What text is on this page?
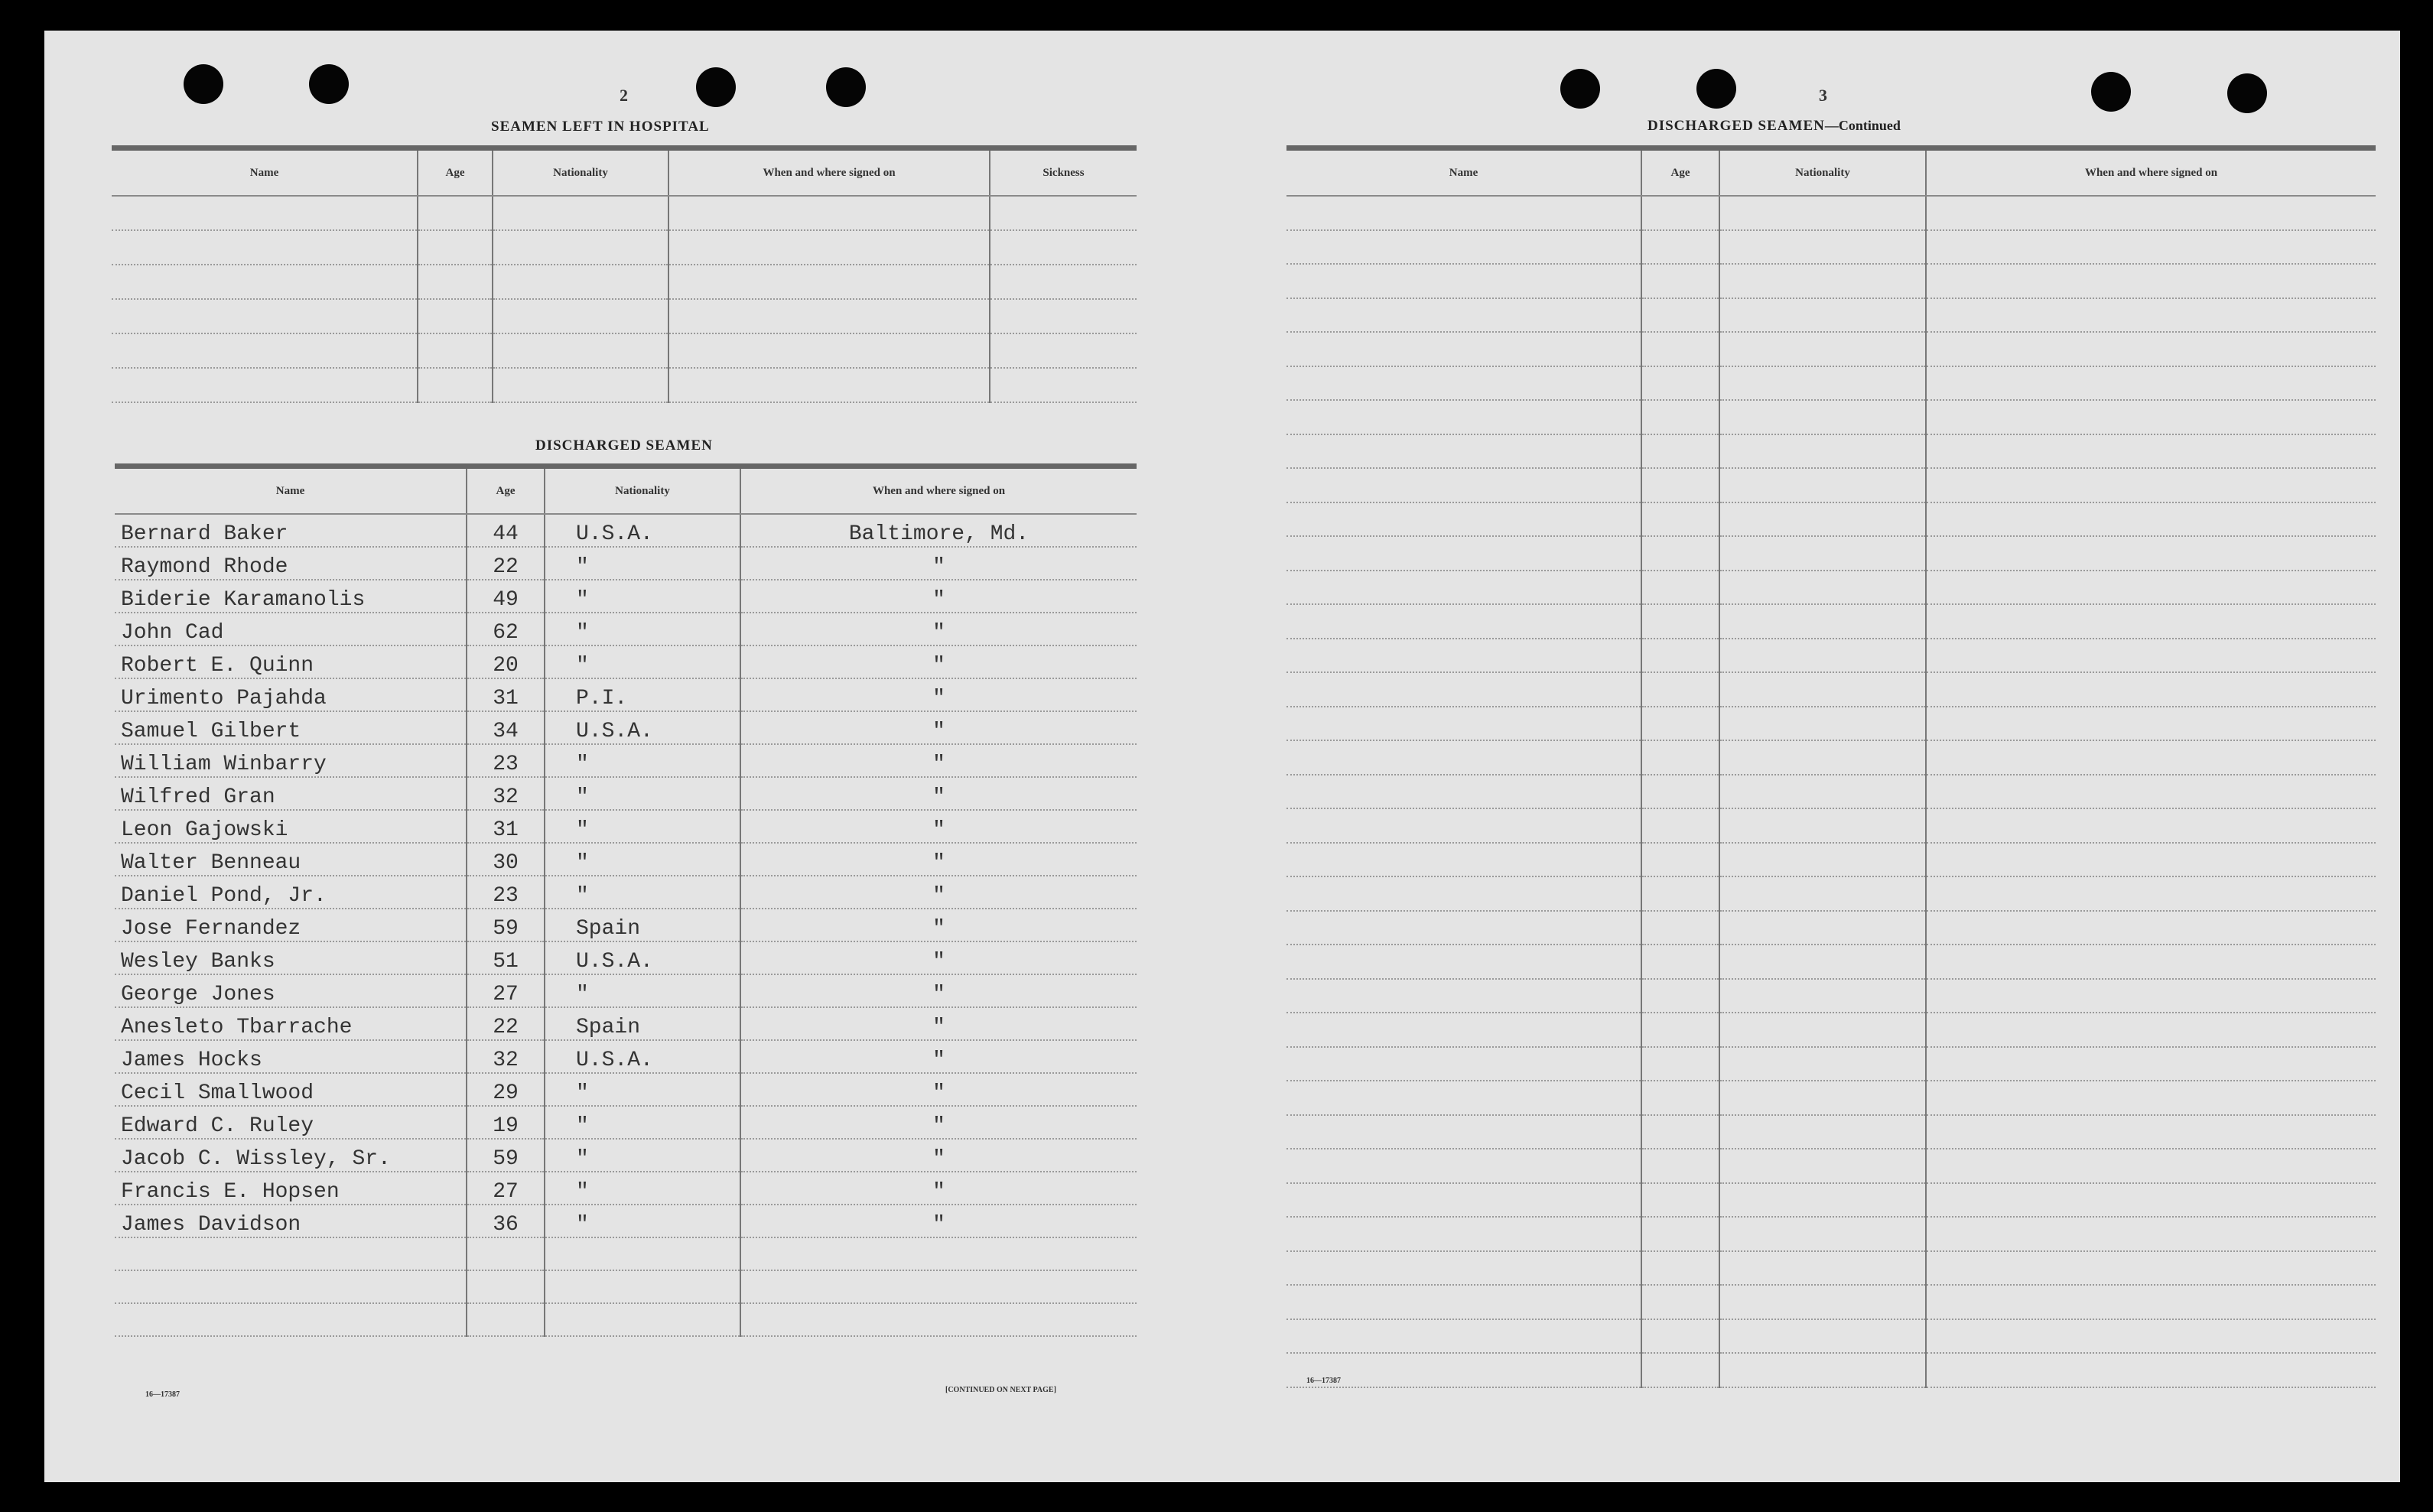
2
SEAMEN LEFT IN HOSPITAL
Name	Age	Nationality	When and where signed on	Sickness

DISCHARGED SEAMEN
Name	Age	Nationality	When and where signed on
Bernard Baker	44	U.S.A.	Baltimore, Md.
Raymond Rhode	22	"	"
Biderie Karamanolis	49	"	"
John Cad	62	"	"
Robert E. Quinn	20	"	"
Urimento Pajahda	31	P.I.	"
Samuel Gilbert	34	U.S.A.	"
William Winbarry	23	"	"
Wilfred Gran	32	"	"
Leon Gajowski	31	"	"
Walter Benneau	30	"	"
Daniel Pond, Jr.	23	"	"
Jose Fernandez	59	Spain	"
Wesley Banks	51	U.S.A.	"
George Jones	27	"	"
Anesleto Tbarrache	22	Spain	"
James Hocks	32	U.S.A.	"
Cecil Smallwood	29	"	"
Edward C. Ruley	19	"	"
Jacob C. Wissley, Sr.	59	"	"
Francis E. Hopsen	27	"	"
James Davidson	36	"	"

16—17387
[CONTINUED ON NEXT PAGE]
3
DISCHARGED SEAMEN—Continued
Name	Age	Nationality	When and where signed on

16—17387
